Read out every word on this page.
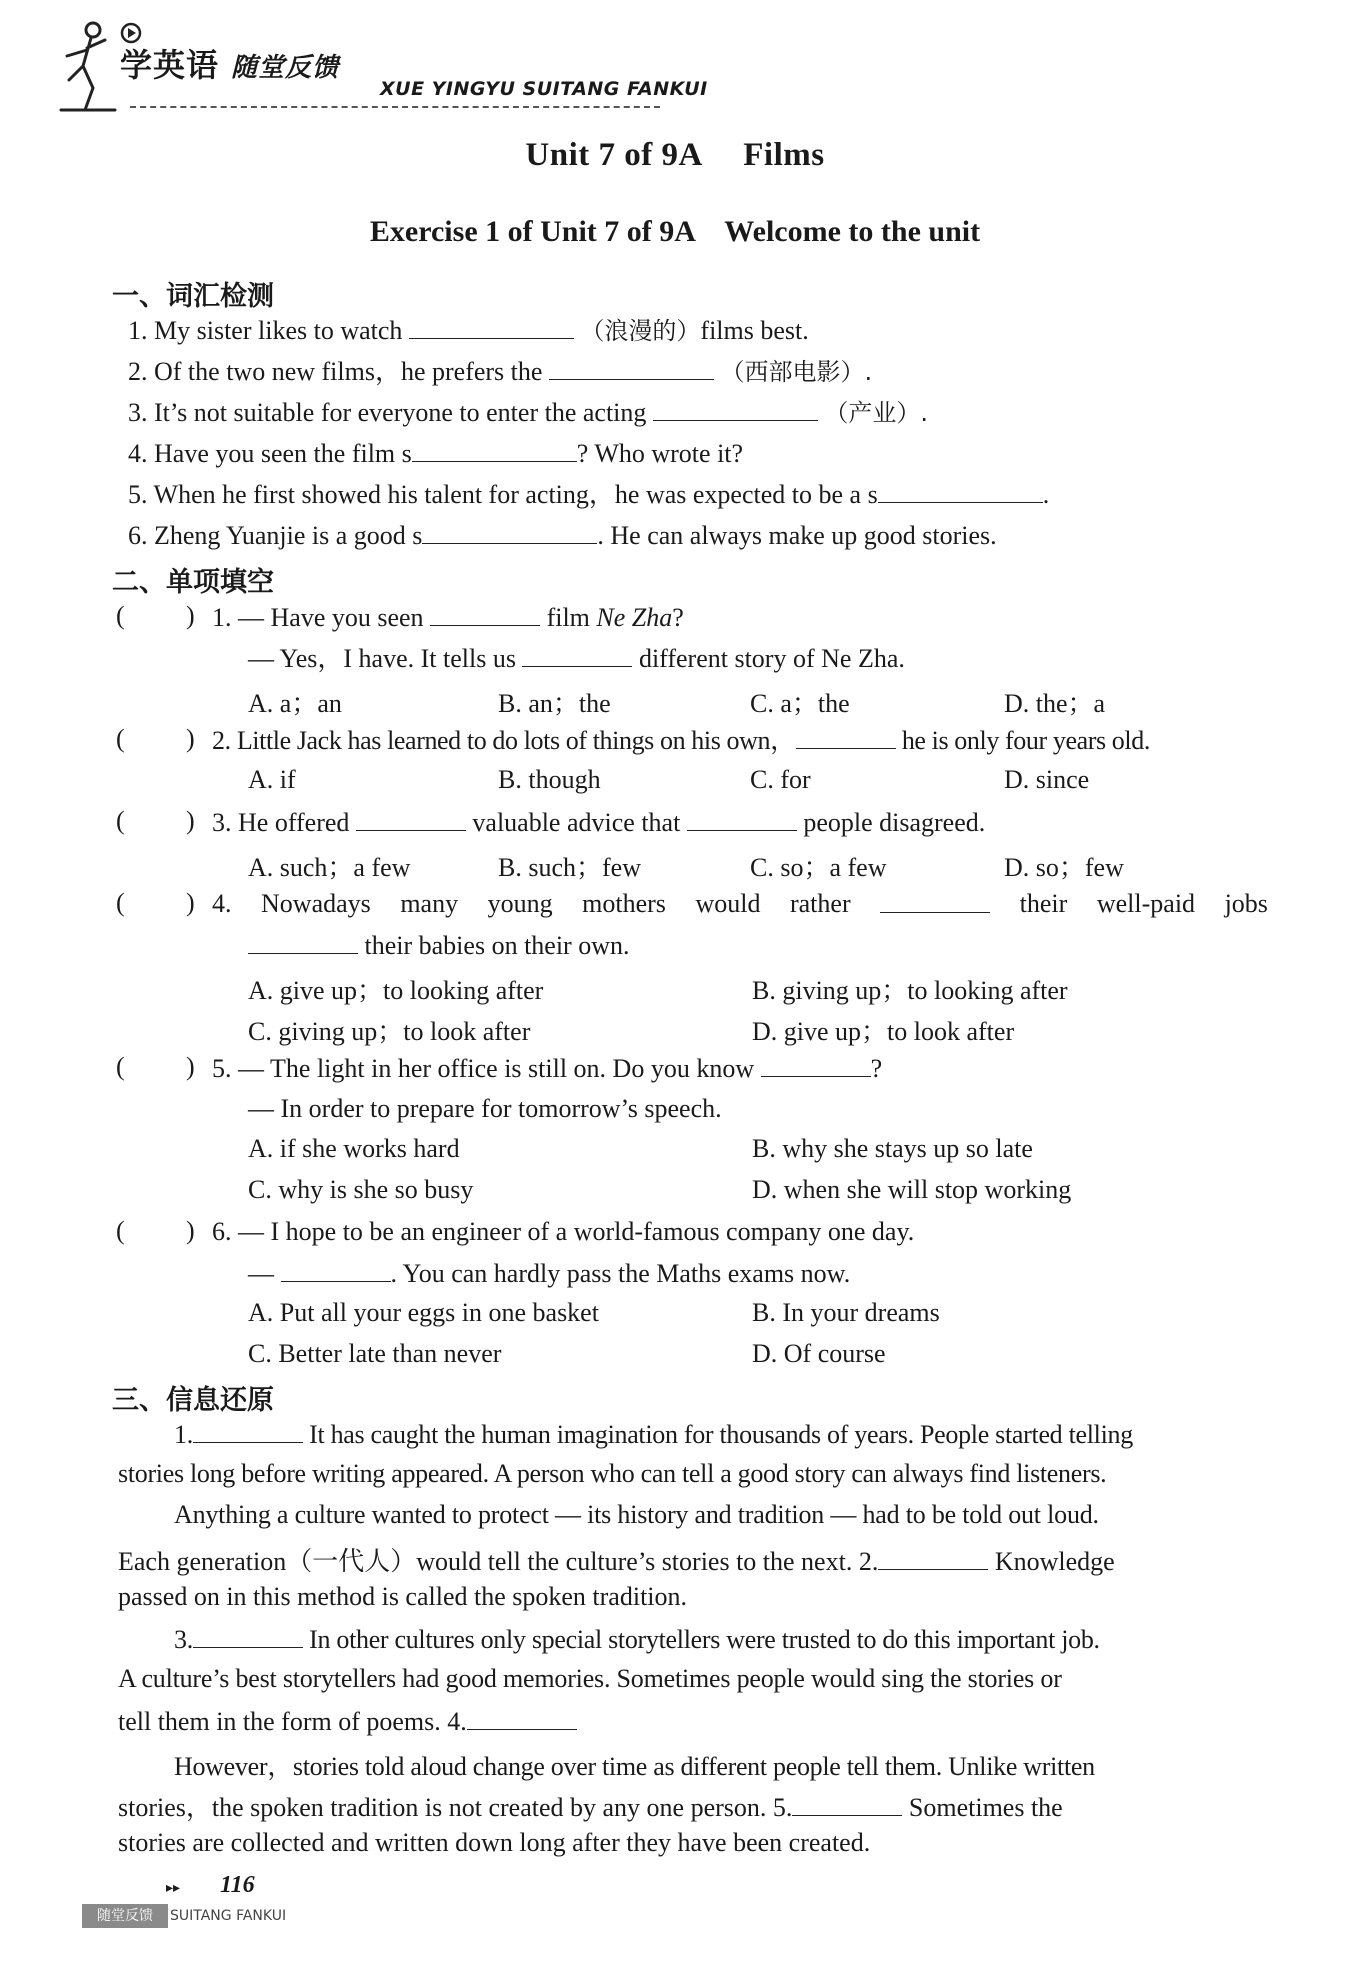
学英语 随堂反馈
XUE YINGYU SUITANG FANKUI
Unit 7 of 9A　 Films
Exercise 1 of Unit 7 of 9A　Welcome to the unit
一、词汇检测
1. My sister likes to watch	（浪漫的）films best.
2. Of the two new films，he prefers the	（西部电影）.
3. It’s not suitable for everyone to enter the acting	（产业）.
4. Have you seen the film s	? Who wrote it?
5. When he first showed his talent for acting，he was expected to be a s	.
6. Zheng Yuanjie is a good s	. He can always make up good stories.
二、单项填空
( ) 1. — Have you seen	film Ne Zha?
— Yes，I have. It tells us	different story of Ne Zha.
A. a；an	B. an；the	C. a；the	D. the；a
( ) 2. Little Jack has learned to do lots of things on his own，	he is only four years old.
A. if	B. though	C. for	D. since
( ) 3. He offered	valuable advice that	people disagreed.
A. such；a few	B. such；few	C. so；a few	D. so；few
( ) 4. Nowadays many young mothers would rather	their well-paid jobs
their babies on their own.
A. give up；to looking after	B. giving up；to looking after
C. giving up；to look after	D. give up；to look after
( ) 5. — The light in her office is still on. Do you know	?
— In order to prepare for tomorrow’s speech.
A. if she works hard	B. why she stays up so late
C. why is she so busy	D. when she will stop working
( ) 6. — I hope to be an engineer of a world-famous company one day.
—	. You can hardly pass the Maths exams now.
A. Put all your eggs in one basket	B. In your dreams
C. Better late than never	D. Of course
三、信息还原
1.	It has caught the human imagination for thousands of years. People started telling
stories long before writing appeared. A person who can tell a good story can always find listeners.
Anything a culture wanted to protect — its history and tradition — had to be told out loud.
Each generation（一代人）would tell the culture’s stories to the next. 2.	Knowledge
passed on in this method is called the spoken tradition.
3.	In other cultures only special storytellers were trusted to do this important job.
A culture’s best storytellers had good memories. Sometimes people would sing the stories or
tell them in the form of poems. 4.
However，stories told aloud change over time as different people tell them. Unlike written
stories，the spoken tradition is not created by any one person. 5.	Sometimes the
stories are collected and written down long after they have been created.
▸▸ 116
随堂反馈	SUITANG FANKUI
